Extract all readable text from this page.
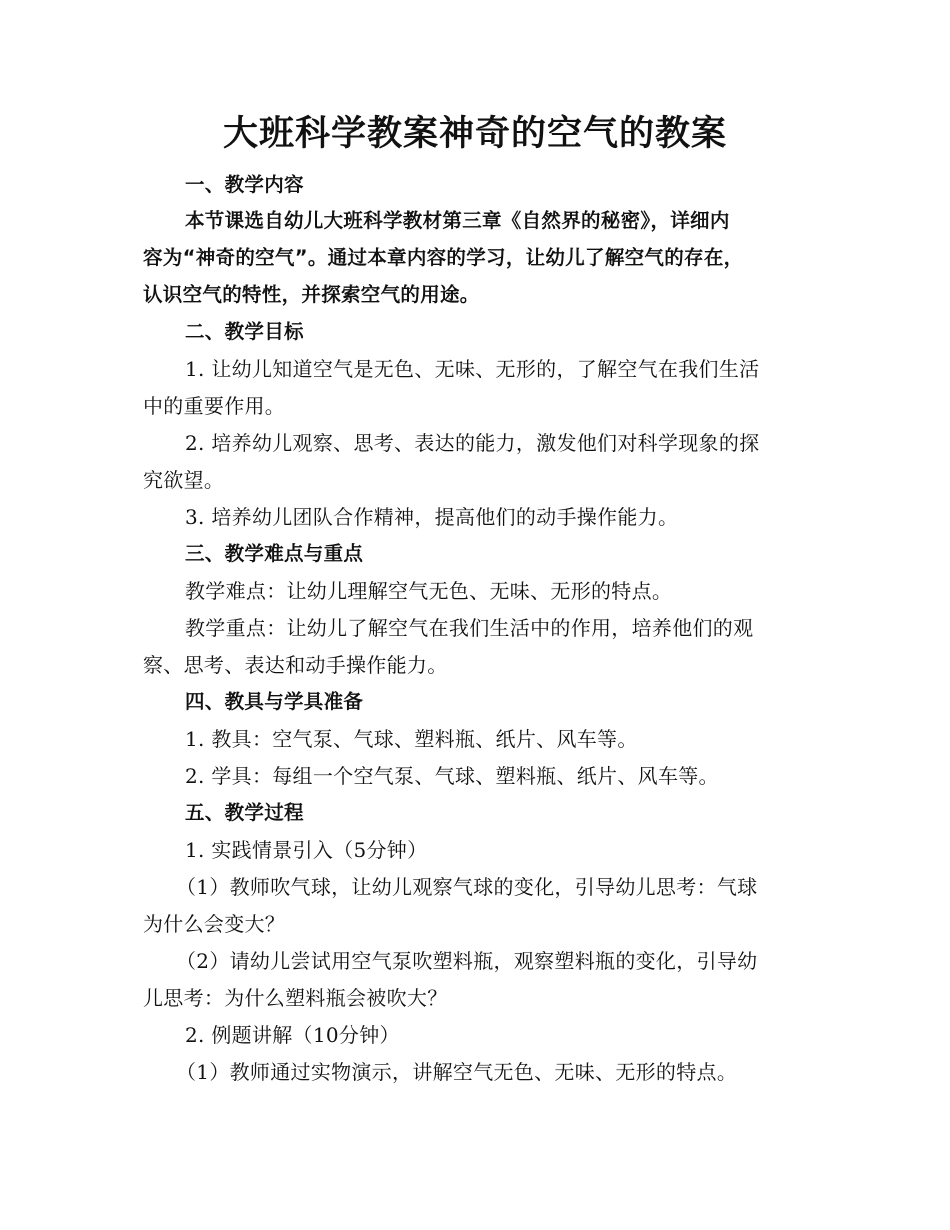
大班科学教案神奇的空气的教案
一、教学内容
本节课选自幼儿大班科学教材第三章《自然界的秘密》，详细内
容为“神奇的空气”。通过本章内容的学习，让幼儿了解空气的存在，
认识空气的特性，并探索空气的用途。
二、教学目标
1. 让幼儿知道空气是无色、无味、无形的，了解空气在我们生活
中的重要作用。
2. 培养幼儿观察、思考、表达的能力，激发他们对科学现象的探
究欲望。
3. 培养幼儿团队合作精神，提高他们的动手操作能力。
三、教学难点与重点
教学难点：让幼儿理解空气无色、无味、无形的特点。
教学重点：让幼儿了解空气在我们生活中的作用，培养他们的观
察、思考、表达和动手操作能力。
四、教具与学具准备
1. 教具：空气泵、气球、塑料瓶、纸片、风车等。
2. 学具：每组一个空气泵、气球、塑料瓶、纸片、风车等。
五、教学过程
1. 实践情景引入（5分钟）
（1）教师吹气球，让幼儿观察气球的变化，引导幼儿思考：气球
为什么会变大？
（2）请幼儿尝试用空气泵吹塑料瓶，观察塑料瓶的变化，引导幼
儿思考：为什么塑料瓶会被吹大？
2. 例题讲解（10分钟）
（1）教师通过实物演示，讲解空气无色、无味、无形的特点。
